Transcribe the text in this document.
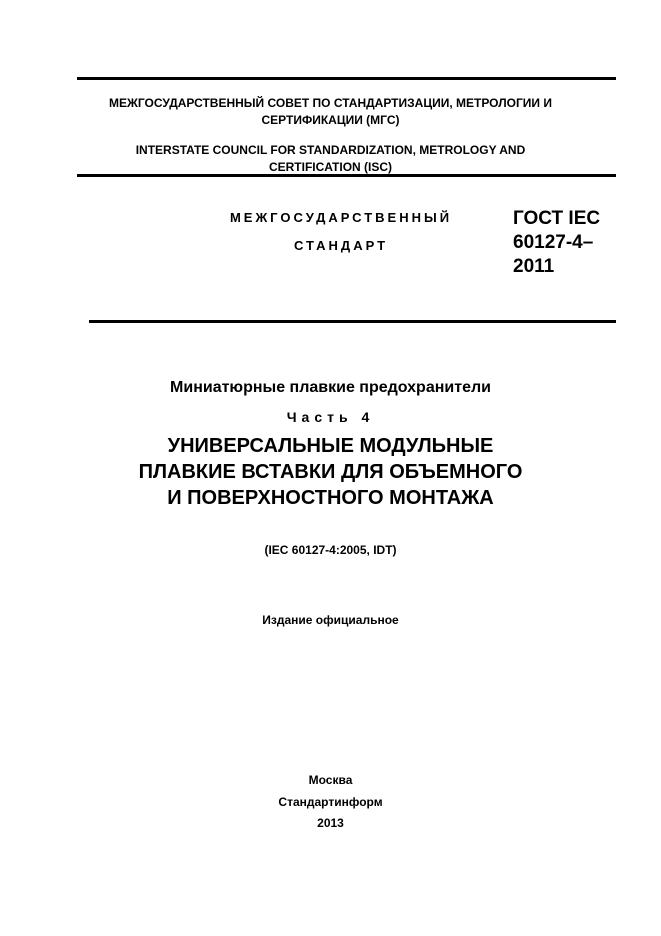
МЕЖГОСУДАРСТВЕННЫЙ СОВЕТ ПО СТАНДАРТИЗАЦИИ, МЕТРОЛОГИИ И
СЕРТИФИКАЦИИ (МГС)
INTERSTATE COUNCIL FOR STANDARDIZATION, METROLOGY AND
CERTIFICATION (ISC)
МЕЖГОСУДАРСТВЕННЫЙ
СТАНДАРТ
ГОСТ IEC
60127-4–
2011
Миниатюрные плавкие предохранители
Часть 4
УНИВЕРСАЛЬНЫЕ МОДУЛЬНЫЕ
ПЛАВКИЕ ВСТАВКИ ДЛЯ ОБЪЕМНОГО
И ПОВЕРХНОСТНОГО МОНТАЖА
(IEC 60127-4:2005, IDT)
Издание официальное
Москва
Стандартинформ
2013
